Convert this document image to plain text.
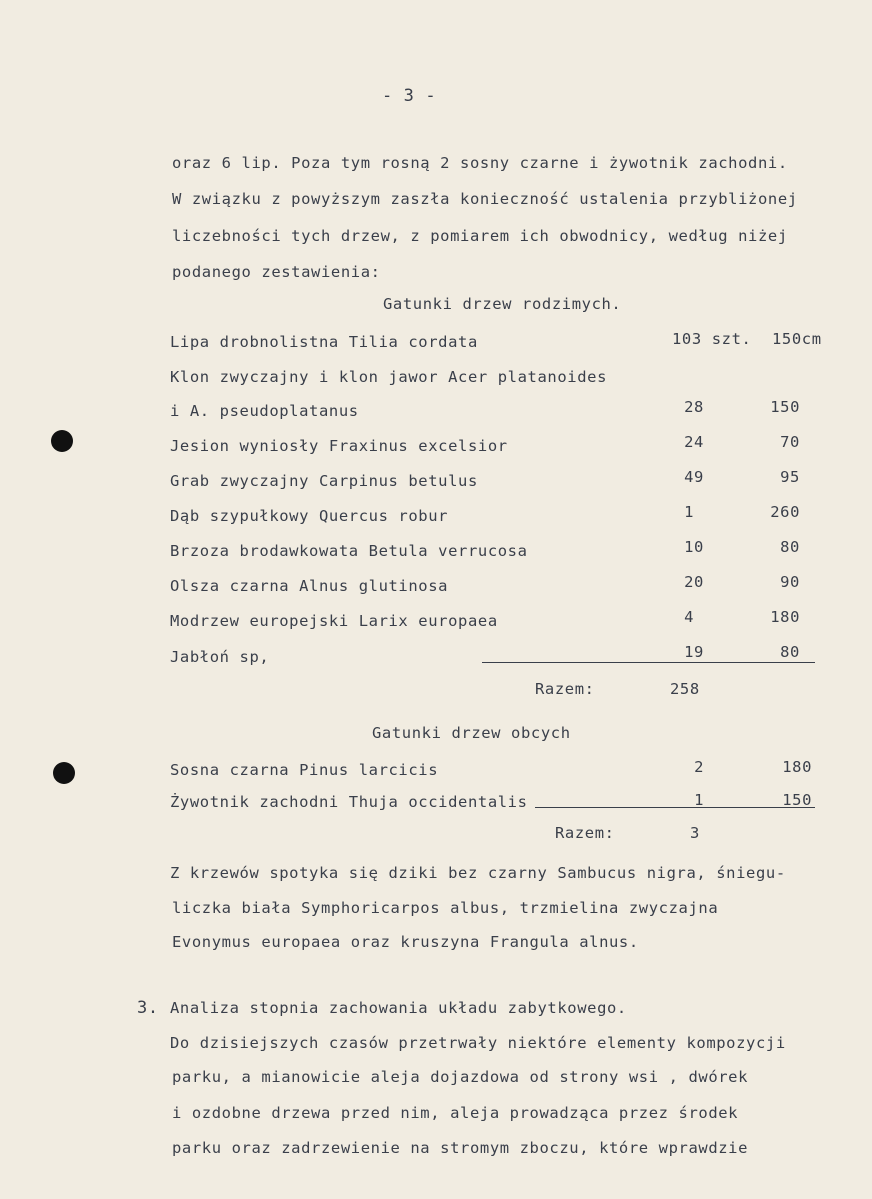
- 3 -
oraz 6 lip. Poza tym rosną 2 sosny czarne i żywotnik zachodni.
W związku z powyższym zaszła konieczność ustalenia przybliżonej
liczebności tych drzew, z pomiarem ich obwodnicy, według niżej
podanego zestawienia:
Gatunki drzew rodzimych.
Lipa drobnolistna Tilia cordata	103 szt. 150cm
Klon zwyczajny i klon jawor Acer platanoides
i A. pseudoplatanus	28	150
Jesion wyniosły Fraxinus excelsior	24	70
Grab zwyczajny Carpinus betulus	49	95
Dąb szypułkowy Quercus robur	1	260
Brzoza brodawkowata Betula verrucosa	10	80
Olsza czarna Alnus glutinosa	20	90
Modrzew europejski Larix europaea	4	180
Jabłoń sp,	19	80
Razem:	258
Gatunki drzew obcych
Sosna czarna Pinus larcicis	2	180
Żywotnik zachodni Thuja occidentalis	1	150
Razem:	3
Z krzewów spotyka się dziki bez czarny Sambucus nigra, śniegu-
liczka biała Symphoricarpos albus, trzmielina zwyczajna
Evonymus europaea oraz kruszyna Frangula alnus.
3. Analiza stopnia zachowania układu zabytkowego.
Do dzisiejszych czasów przetrwały niektóre elementy kompozycji
parku, a mianowicie aleja dojazdowa od strony wsi , dwórek
i ozdobne drzewa przed nim, aleja prowadząca przez środek
parku oraz zadrzewienie na stromym zboczu, które wprawdzie
